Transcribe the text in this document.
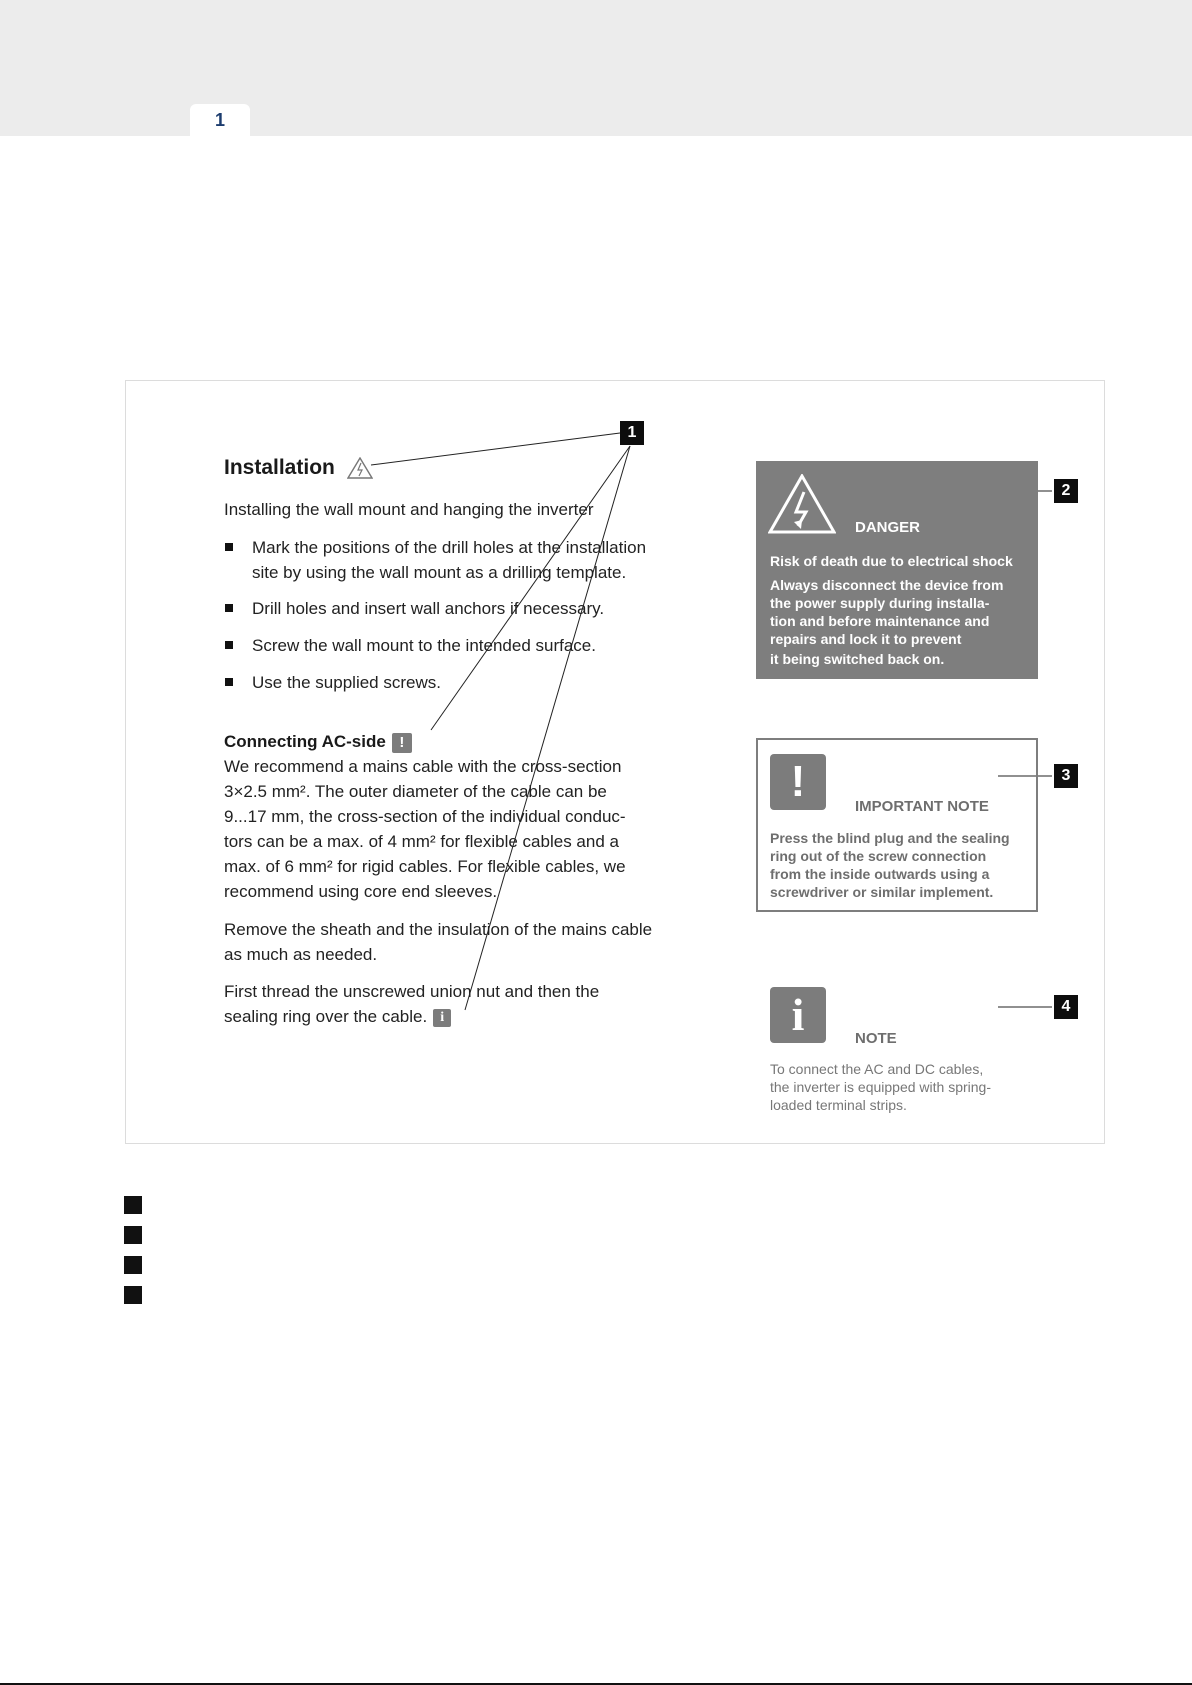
1
1
2
3
4
Installation
Installing the wall mount and hanging the inverter
Mark the positions of the drill holes at the installation
site by using the wall mount as a drilling template.
Drill holes and insert wall anchors if necessary.
Screw the wall mount to the intended surface.
Use the supplied screws.
Connecting AC-side !
We recommend a mains cable with the cross-section
3×2.5 mm². The outer diameter of the cable can be
9...17 mm, the cross-section of the individual conduc-
tors can be a max. of 4 mm² for flexible cables and a
max. of 6 mm² for rigid cables. For flexible cables, we
recommend using core end sleeves.
Remove the sheath and the insulation of the mains cable
as much as needed.
First thread the unscrewed union nut and then the
sealing ring over the cable. i
DANGER
Risk of death due to electrical shock
Always disconnect the device from
the power supply during installa-
tion and before maintenance and
repairs and lock it to prevent
it being switched back on.
!
IMPORTANT NOTE
Press the blind plug and the sealing
ring out of the screw connection
from the inside outwards using a
screwdriver or similar implement.
i	NOTE
To connect the AC and DC cables,
the inverter is equipped with spring-
loaded terminal strips.
